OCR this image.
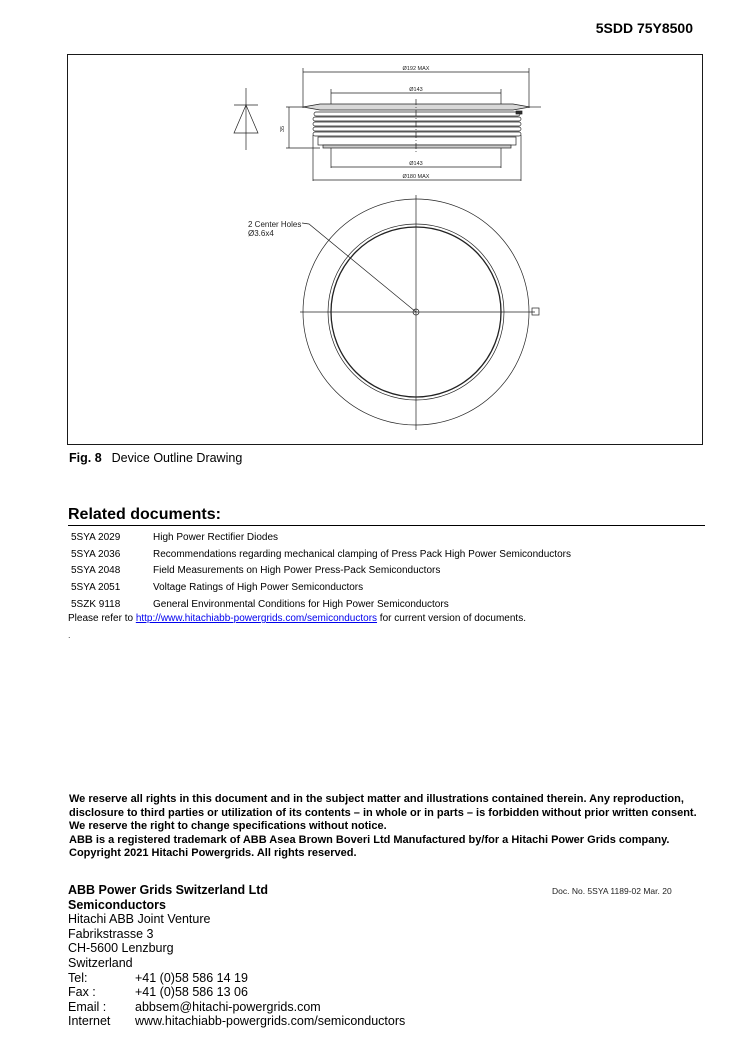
5SDD 75Y8500
Ø192 MAX
Ø143
35
Ø143
Ø180 MAX
2 Center Holes
Ø3.6x4
Fig. 8 Device Outline Drawing
Related documents:
5SYA 2029	High Power Rectifier Diodes
5SYA 2036	Recommendations regarding mechanical clamping of Press Pack High Power Semiconductors
5SYA 2048	Field Measurements on High Power Press-Pack Semiconductors
5SYA 2051	Voltage Ratings of High Power Semiconductors
5SZK 9118	General Environmental Conditions for High Power Semiconductors
Please refer to http://www.hitachiabb-powergrids.com/semiconductors for current version of documents.
.
We reserve all rights in this document and in the subject matter and illustrations contained therein. Any reproduction,
disclosure to third parties or utilization of its contents – in whole or in parts – is forbidden without prior written consent.
We reserve the right to change specifications without notice.
ABB is a registered trademark of ABB Asea Brown Boveri Ltd Manufactured by/for a Hitachi Power Grids company.
Copyright 2021 Hitachi Powergrids. All rights reserved.
ABB Power Grids Switzerland Ltd
Semiconductors
Hitachi ABB Joint Venture
Fabrikstrasse 3
CH-5600 Lenzburg
Switzerland
Tel:	+41 (0)58 586 14 19
Fax :	+41 (0)58 586 13 06
Email :	abbsem@hitachi-powergrids.com
Internet	www.hitachiabb-powergrids.com/semiconductors
Doc. No. 5SYA 1189-02 Mar. 20
